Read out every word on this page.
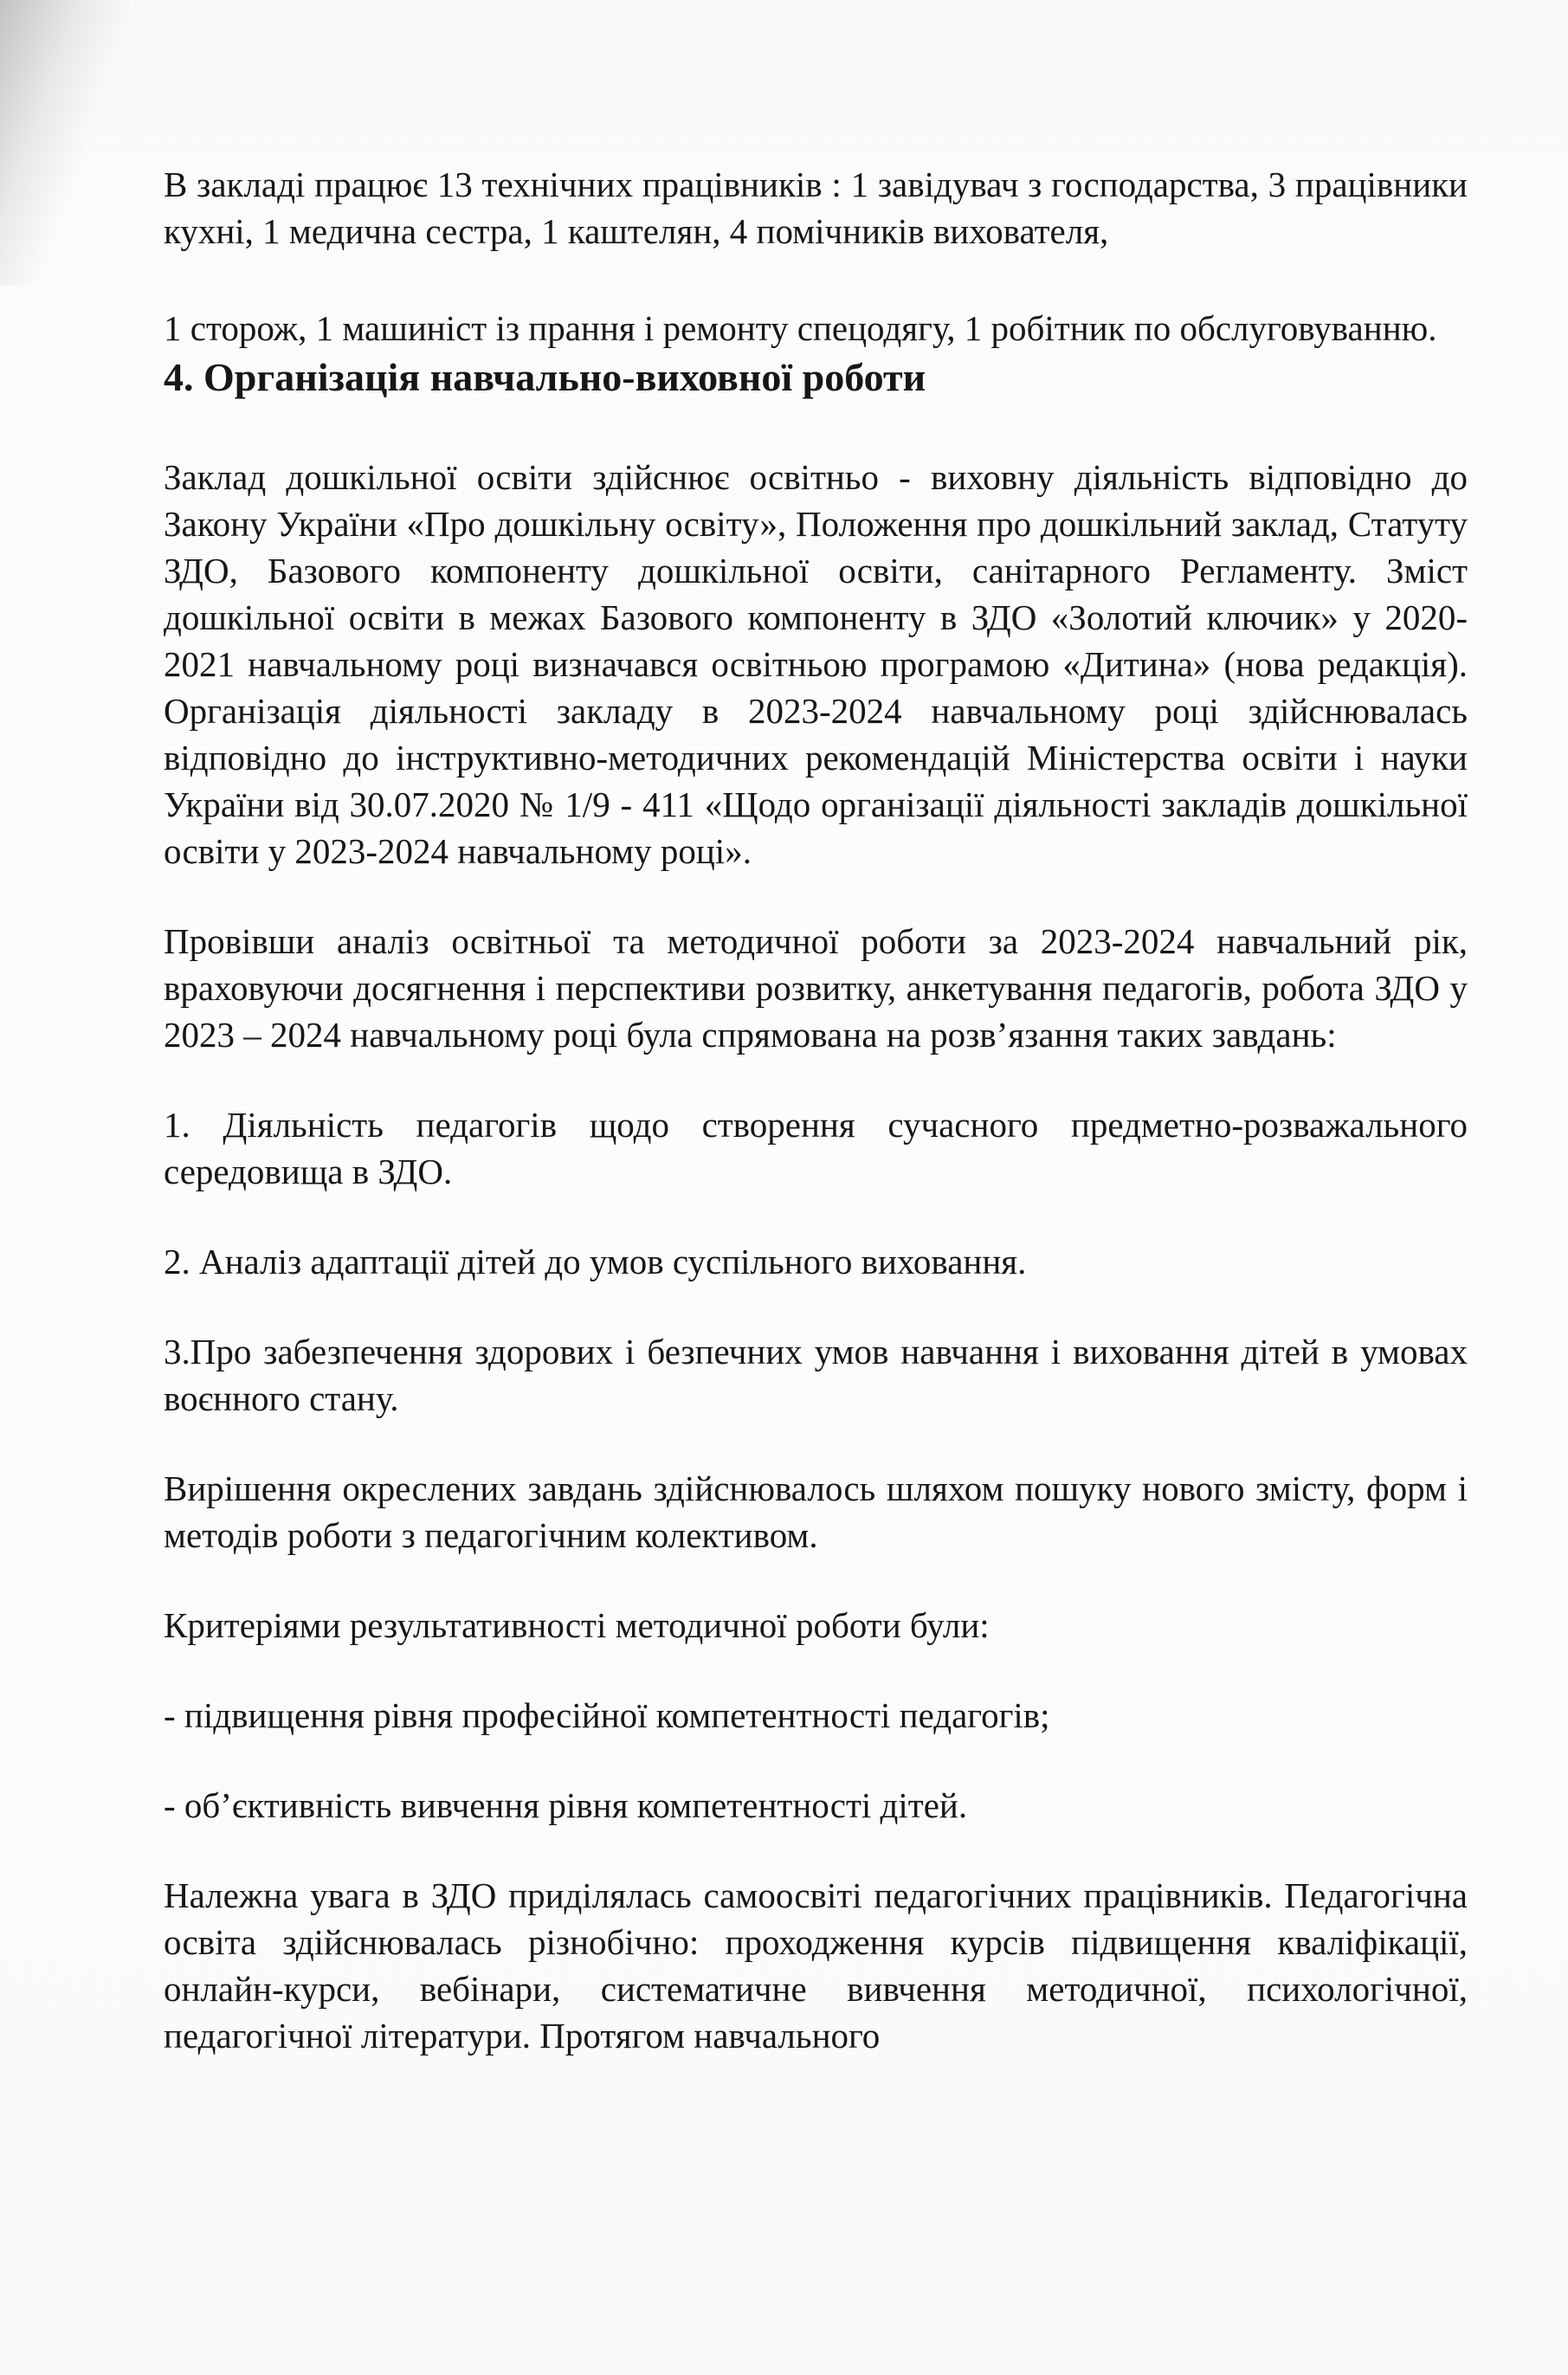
В закладі працює 13 технічних працівників : 1 завідувач з господарства, 3 працівники кухні, 1 медична сестра, 1 каштелян, 4 помічників вихователя,

1 сторож, 1 машиніст із прання і ремонту спецодягу, 1 робітник по обслуговуванню.

4. Організація навчально-виховної роботи

Заклад дошкільної освіти здійснює освітньо - виховну діяльність відповідно до Закону України «Про дошкільну освіту», Положення про дошкільний заклад, Статуту ЗДО, Базового компоненту дошкільної освіти, санітарного Регламенту. Зміст дошкільної освіти в межах Базового компоненту в ЗДО «Золотий ключик» у 2020-2021 навчальному році визначався освітньою програмою «Дитина» (нова редакція). Організація діяльності закладу в 2023-2024 навчальному році здійснювалась відповідно до інструктивно-методичних рекомендацій Міністерства освіти і науки України від 30.07.2020 № 1/9 - 411 «Щодо організації діяльності закладів дошкільної освіти у 2023-2024 навчальному році».

Провівши аналіз освітньої та методичної роботи за 2023-2024 навчальний рік, враховуючи досягнення і перспективи розвитку, анкетування педагогів, робота ЗДО у 2023 – 2024 навчальному році була спрямована на розв’язання таких завдань:

1. Діяльність педагогів щодо створення сучасного предметно-розважального середовища в ЗДО.

2. Аналіз адаптації дітей до умов суспільного виховання.

3.Про забезпечення здорових і безпечних умов навчання і виховання дітей в умовах воєнного стану.

Вирішення окреслених завдань здійснювалось шляхом пошуку нового змісту, форм і методів роботи з педагогічним колективом.

Критеріями результативності методичної роботи були:

- підвищення рівня професійної компетентності педагогів;

- об’єктивність вивчення рівня компетентності дітей.

Належна увага в ЗДО приділялась самоосвіті педагогічних працівників. Педагогічна освіта здійснювалась різнобічно: проходження курсів підвищення кваліфікації, онлайн-курси, вебінари, систематичне вивчення методичної, психологічної, педагогічної літератури. Протягом навчального
